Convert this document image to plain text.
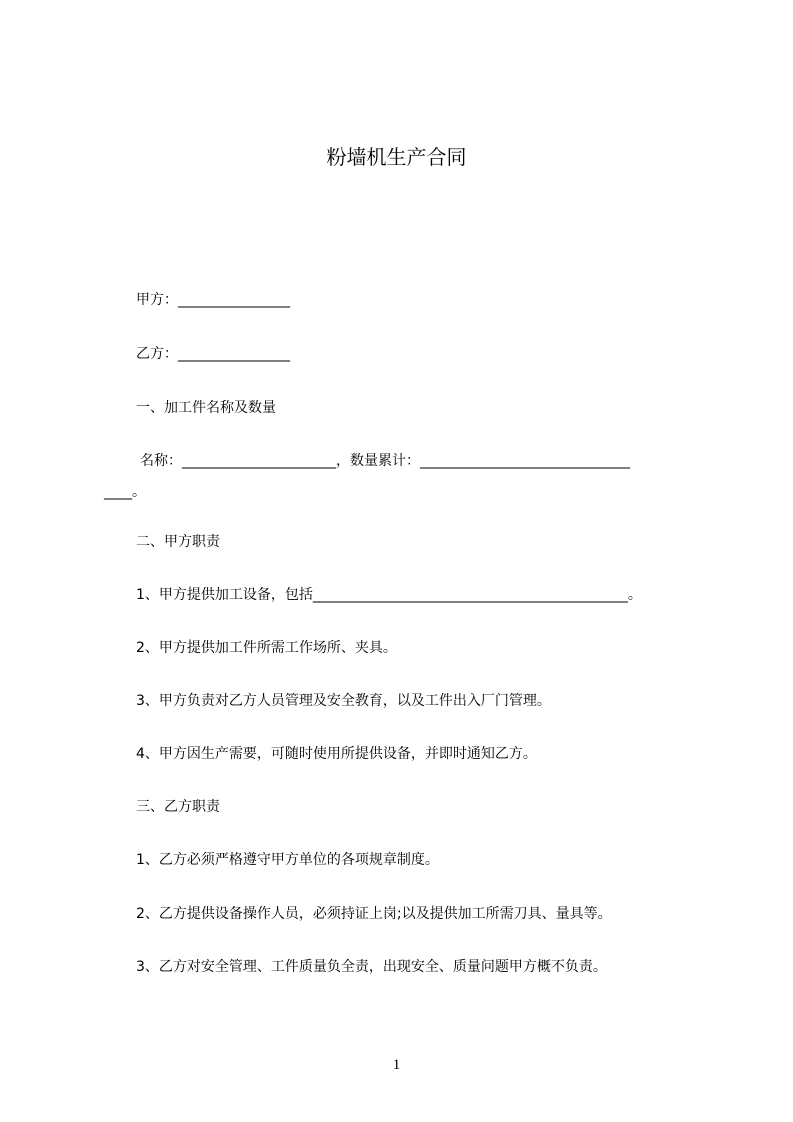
粉墙机生产合同
甲方：________________
乙方：________________
一、加工件名称及数量
名称：______________________，数量累计：______________________________
____。
二、甲方职责
1、甲方提供加工设备，包括_____________________________________________。
2、甲方提供加工件所需工作场所、夹具。
3、甲方负责对乙方人员管理及安全教育，以及工件出入厂门管理。
4、甲方因生产需要，可随时使用所提供设备，并即时通知乙方。
三、乙方职责
1、乙方必须严格遵守甲方单位的各项规章制度。
2、乙方提供设备操作人员，必须持证上岗;以及提供加工所需刀具、量具等。
3、乙方对安全管理、工件质量负全责，出现安全、质量问题甲方概不负责。
1
